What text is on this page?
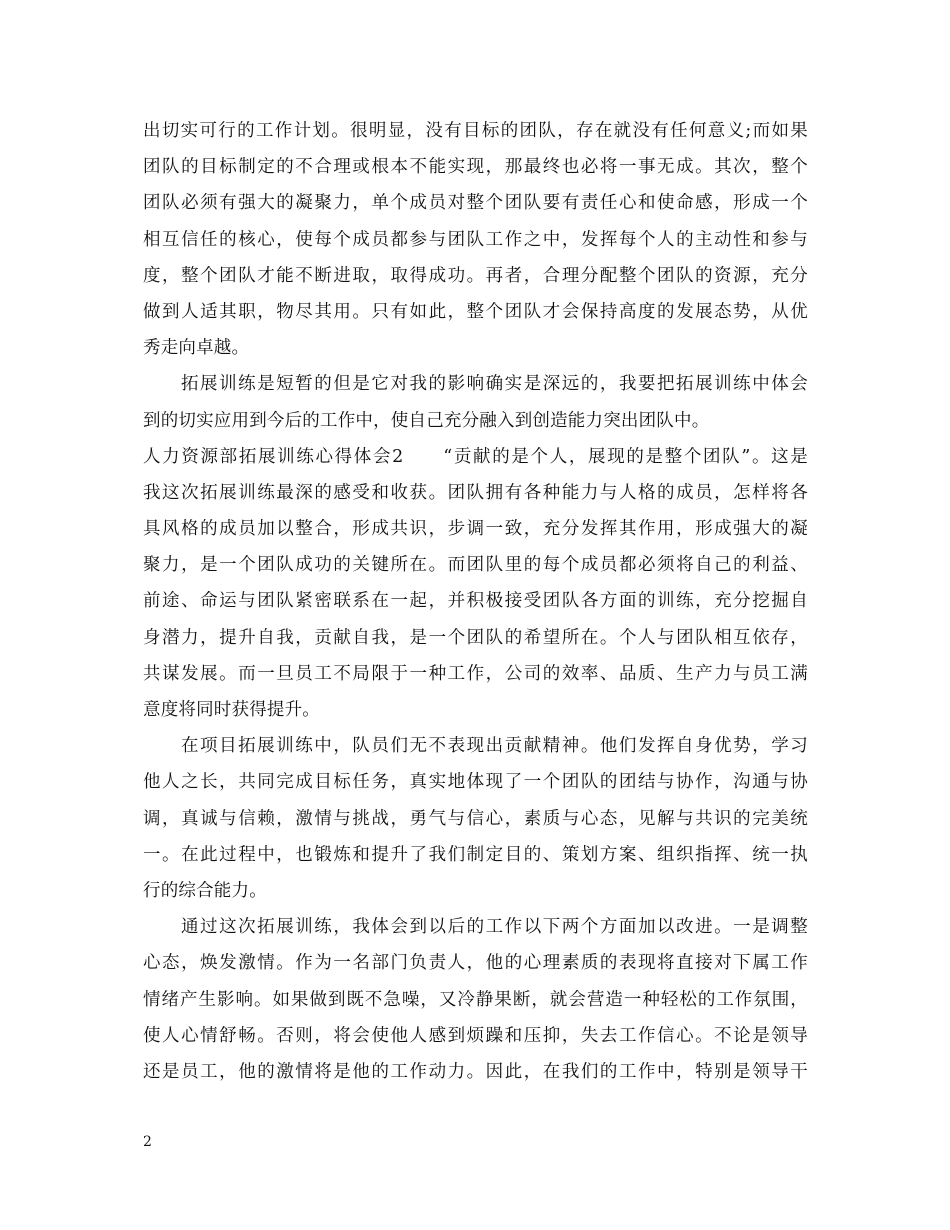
出切实可行的工作计划。很明显，没有目标的团队，存在就没有任何意义;而如果
团队的目标制定的不合理或根本不能实现，那最终也必将一事无成。其次，整个
团队必须有强大的凝聚力，单个成员对整个团队要有责任心和使命感，形成一个
相互信任的核心，使每个成员都参与团队工作之中，发挥每个人的主动性和参与
度，整个团队才能不断进取，取得成功。再者，合理分配整个团队的资源，充分
做到人适其职，物尽其用。只有如此，整个团队才会保持高度的发展态势，从优
秀走向卓越。
拓展训练是短暂的但是它对我的影响确实是深远的，我要把拓展训练中体会
到的切实应用到今后的工作中，使自己充分融入到创造能力突出团队中。
人力资源部拓展训练心得体会2　　“贡献的是个人，展现的是整个团队”。这是
我这次拓展训练最深的感受和收获。团队拥有各种能力与人格的成员，怎样将各
具风格的成员加以整合，形成共识，步调一致，充分发挥其作用，形成强大的凝
聚力，是一个团队成功的关键所在。而团队里的每个成员都必须将自己的利益、
前途、命运与团队紧密联系在一起，并积极接受团队各方面的训练，充分挖掘自
身潜力，提升自我，贡献自我，是一个团队的希望所在。个人与团队相互依存，
共谋发展。而一旦员工不局限于一种工作，公司的效率、品质、生产力与员工满
意度将同时获得提升。
在项目拓展训练中，队员们无不表现出贡献精神。他们发挥自身优势，学习
他人之长，共同完成目标任务，真实地体现了一个团队的团结与协作，沟通与协
调，真诚与信赖，激情与挑战，勇气与信心，素质与心态，见解与共识的完美统
一。在此过程中，也锻炼和提升了我们制定目的、策划方案、组织指挥、统一执
行的综合能力。
通过这次拓展训练，我体会到以后的工作以下两个方面加以改进。一是调整
心态，焕发激情。作为一名部门负责人，他的心理素质的表现将直接对下属工作
情绪产生影响。如果做到既不急噪，又冷静果断，就会营造一种轻松的工作氛围，
使人心情舒畅。否则，将会使他人感到烦躁和压抑，失去工作信心。不论是领导
还是员工，他的激情将是他的工作动力。因此，在我们的工作中，特别是领导干
2
